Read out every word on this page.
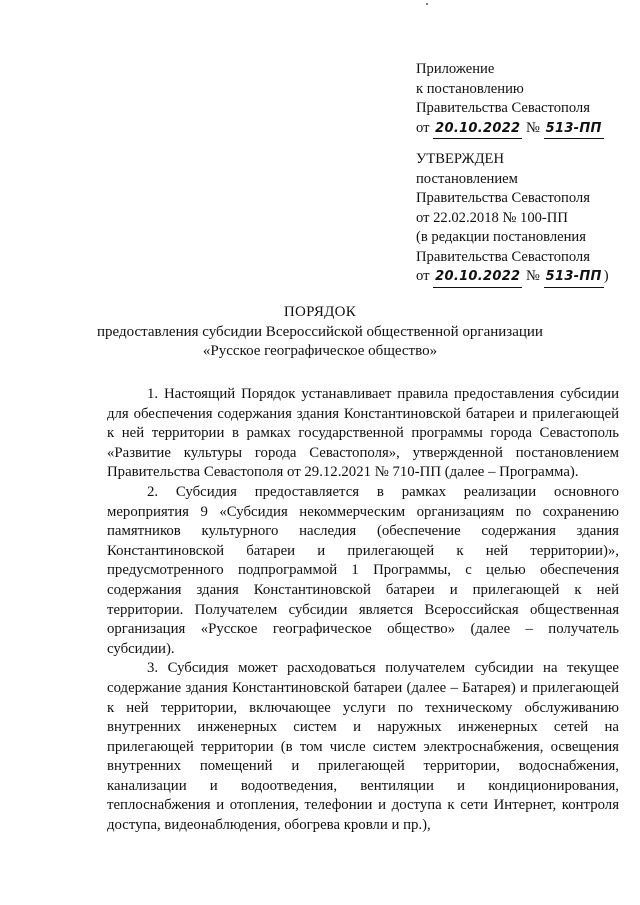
Приложение
к постановлению
Правительства Севастополя
от 20.10.2022 № 513-ПП
УТВЕРЖДЕН
постановлением
Правительства Севастополя
от 22.02.2018 № 100-ПП
(в редакции постановления
Правительства Севастополя
от 20.10.2022 № 513-ПП )
ПОРЯДОК
предоставления субсидии Всероссийской общественной организации
«Русское географическое общество»

1. Настоящий Порядок устанавливает правила предоставления субсидии для обеспечения содержания здания Константиновской батареи и прилегающей к ней территории в рамках государственной программы города Севастополь «Развитие культуры города Севастополя», утвержденной постановлением Правительства Севастополя от 29.12.2021 № 710-ПП (далее – Программа).

2. Субсидия предоставляется в рамках реализации основного мероприятия 9 «Субсидия некоммерческим организациям по сохранению памятников культурного наследия (обеспечение содержания здания Константиновской батареи и прилегающей к ней территории)», предусмотренного подпрограммой 1 Программы, с целью обеспечения содержания здания Константиновской батареи и прилегающей к ней территории. Получателем субсидии является Всероссийская общественная организация «Русское географическое общество» (далее – получатель субсидии).

3. Субсидия может расходоваться получателем субсидии на текущее содержание здания Константиновской батареи (далее – Батарея) и прилегающей к ней территории, включающее услуги по техническому обслуживанию внутренних инженерных систем и наружных инженерных сетей на прилегающей территории (в том числе систем электроснабжения, освещения внутренних помещений и прилегающей территории, водоснабжения, канализации и водоотведения, вентиляции и кондиционирования, теплоснабжения и отопления, телефонии и доступа к сети Интернет, контроля доступа, видеонаблюдения, обогрева кровли и пр.),
